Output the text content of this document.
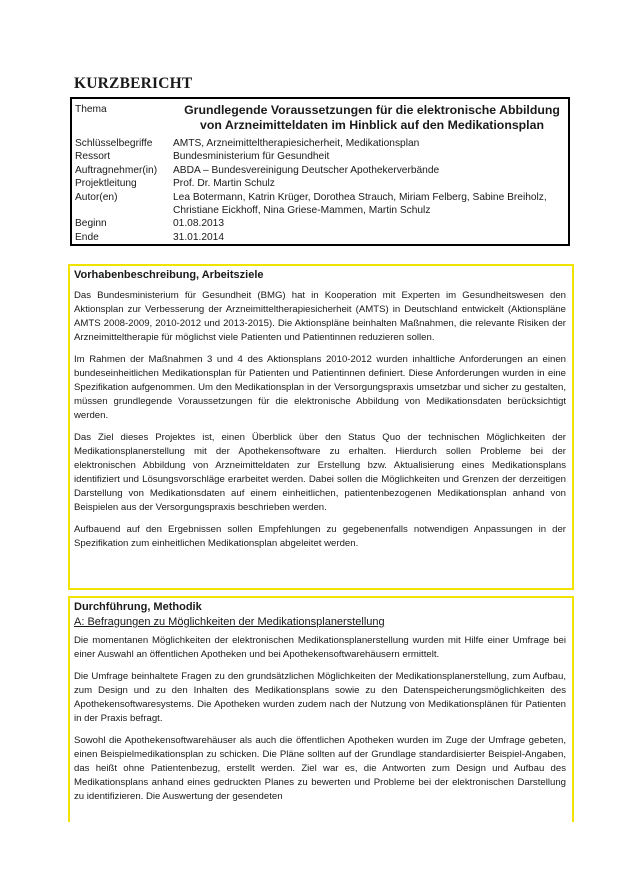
KURZBERICHT
Thema	Grundlegende Voraussetzungen für die elektronische Abbildung
von Arzneimitteldaten im Hinblick auf den Medikationsplan
Schlüsselbegriffe	AMTS, Arzneimitteltherapiesicherheit, Medikationsplan
Ressort	Bundesministerium für Gesundheit
Auftragnehmer(in)	ABDA – Bundesvereinigung Deutscher Apothekerverbände
Projektleitung	Prof. Dr. Martin Schulz
Autor(en)	Lea Botermann, Katrin Krüger, Dorothea Strauch, Miriam Felberg, Sabine Breiholz,
Christiane Eickhoff, Nina Griese-Mammen, Martin Schulz
Beginn	01.08.2013
Ende	31.01.2014

Vorhabenbeschreibung, Arbeitsziele

Das Bundesministerium für Gesundheit (BMG) hat in Kooperation mit Experten im Gesundheitswesen den Aktionsplan zur Verbesserung der Arzneimitteltherapiesicherheit (AMTS) in Deutschland entwickelt (Aktionspläne AMTS 2008-2009, 2010-2012 und 2013-2015). Die Aktionspläne beinhalten Maßnahmen, die relevante Risiken der Arzneimitteltherapie für möglichst viele Patienten und Patientinnen reduzieren sollen.

Im Rahmen der Maßnahmen 3 und 4 des Aktionsplans 2010-2012 wurden inhaltliche Anforderungen an einen bundeseinheitlichen Medikationsplan für Patienten und Patientinnen definiert. Diese Anforderungen wurden in eine Spezifikation aufgenommen. Um den Medikationsplan in der Versorgungspraxis umsetzbar und sicher zu gestalten, müssen grundlegende Voraussetzungen für die elektronische Abbildung von Medikationsdaten berücksichtigt werden.

Das Ziel dieses Projektes ist, einen Überblick über den Status Quo der technischen Möglichkeiten der Medikationsplanerstellung mit der Apothekensoftware zu erhalten. Hierdurch sollen Probleme bei der elektronischen Abbildung von Arzneimitteldaten zur Erstellung bzw. Aktualisierung eines Medikationsplans identifiziert und Lösungsvorschläge erarbeitet werden. Dabei sollen die Möglichkeiten und Grenzen der derzeitigen Darstellung von Medikationsdaten auf einem einheitlichen, patientenbezogenen Medikationsplan anhand von Beispielen aus der Versorgungspraxis beschrieben werden.

Aufbauend auf den Ergebnissen sollen Empfehlungen zu gegebenenfalls notwendigen Anpassungen in der Spezifikation zum einheitlichen Medikationsplan abgeleitet werden.

Durchführung, Methodik

A: Befragungen zu Möglichkeiten der Medikationsplanerstellung

Die momentanen Möglichkeiten der elektronischen Medikationsplanerstellung wurden mit Hilfe einer Umfrage bei einer Auswahl an öffentlichen Apotheken und bei Apothekensoftwarehäusern ermittelt.

Die Umfrage beinhaltete Fragen zu den grundsätzlichen Möglichkeiten der Medikationsplanerstellung, zum Aufbau, zum Design und zu den Inhalten des Medikationsplans sowie zu den Datenspeicherungsmöglichkeiten des Apothekensoftwaresystems. Die Apotheken wurden zudem nach der Nutzung von Medikationsplänen für Patienten in der Praxis befragt.

Sowohl die Apothekensoftwarehäuser als auch die öffentlichen Apotheken wurden im Zuge der Umfrage gebeten, einen Beispielmedikationsplan zu schicken. Die Pläne sollten auf der Grundlage standardisierter Beispiel-Angaben, das heißt ohne Patientenbezug, erstellt werden. Ziel war es, die Antworten zum Design und Aufbau des Medikationsplans anhand eines gedruckten Planes zu bewerten und Probleme bei der elektronischen Darstellung zu identifizieren. Die Auswertung der gesendeten
